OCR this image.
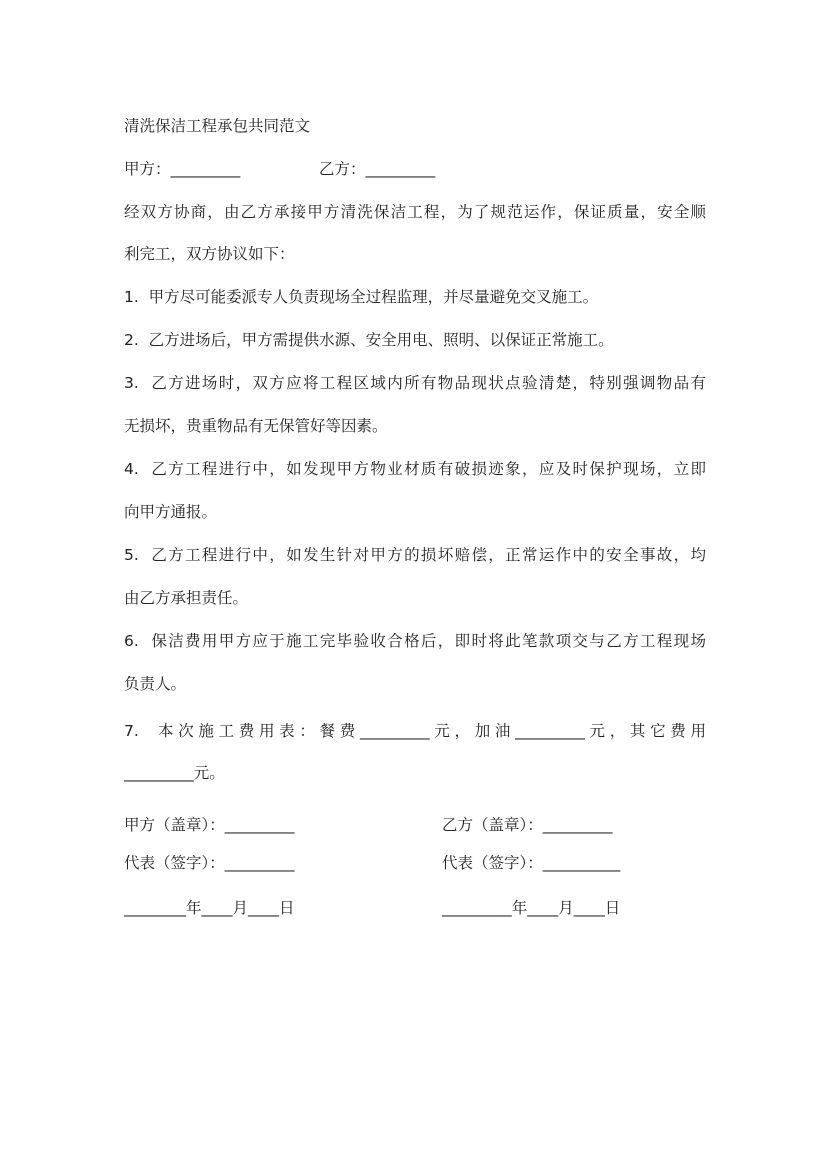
清洗保洁工程承包共同范文
甲方：_________	乙方：_________
经双方协商，由乙方承接甲方清洗保洁工程，为了规范运作，保证质量，安全顺
利完工，双方协议如下：
1.  甲方尽可能委派专人负责现场全过程监理，并尽量避免交叉施工。
2.  乙方进场后，甲方需提供水源、安全用电、照明、以保证正常施工。
3.  乙方进场时，双方应将工程区域内所有物品现状点验清楚，特别强调物品有
无损坏，贵重物品有无保管好等因素。
4.  乙方工程进行中，如发现甲方物业材质有破损迹象，应及时保护现场，立即
向甲方通报。
5.  乙方工程进行中，如发生针对甲方的损坏赔偿，正常运作中的安全事故，均
由乙方承担责任。
6.  保洁费用甲方应于施工完毕验收合格后，即时将此笔款项交与乙方工程现场
负责人。
7.  本次施工费用表：餐费_________元，加油_________元，其它费用
_________元。
甲方（盖章）：_________	乙方（盖章）：_________
代表（签字）：_________	代表（签字）：__________
________年____月____日	_________年____月____日
